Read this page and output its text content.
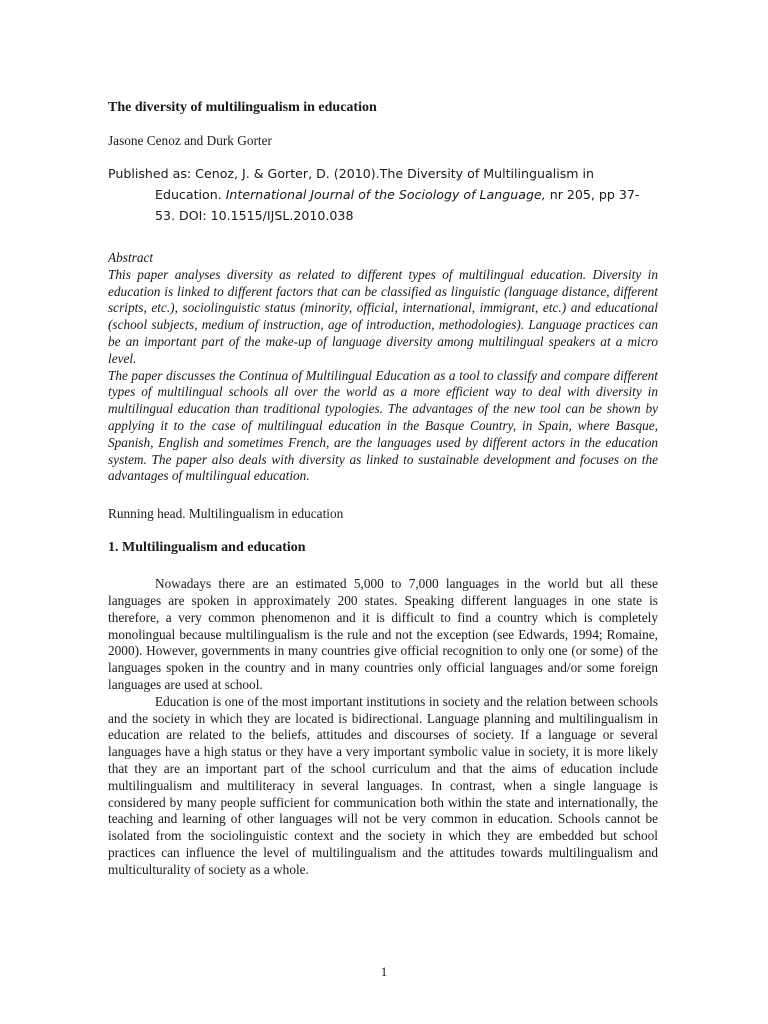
The diversity of multilingualism in education
Jasone Cenoz and Durk Gorter
Published as: Cenoz, J. & Gorter, D. (2010).The Diversity of Multilingualism in Education. International Journal of the Sociology of Language, nr 205, pp 37-53. DOI: 10.1515/IJSL.2010.038

Abstract

This paper analyses diversity as related to different types of multilingual education. Diversity in education is linked to different factors that can be classified as linguistic (language distance, different scripts, etc.), sociolinguistic status (minority, official, international, immigrant, etc.) and educational (school subjects, medium of instruction, age of introduction, methodologies). Language practices can be an important part of the make-up of language diversity among multilingual speakers at a micro level.

The paper discusses the Continua of Multilingual Education as a tool to classify and compare different types of multilingual schools all over the world as a more efficient way to deal with diversity in multilingual education than traditional typologies. The advantages of the new tool can be shown by applying it to the case of multilingual education in the Basque Country, in Spain, where Basque, Spanish, English and sometimes French, are the languages used by different actors in the education system. The paper also deals with diversity as linked to sustainable development and focuses on the advantages of multilingual education.

Running head. Multilingualism in education
1. Multilingualism and education

Nowadays there are an estimated 5,000 to 7,000 languages in the world but all these languages are spoken in approximately 200 states. Speaking different languages in one state is therefore, a very common phenomenon and it is difficult to find a country which is completely monolingual because multilingualism is the rule and not the exception (see Edwards, 1994; Romaine, 2000). However, governments in many countries give official recognition to only one (or some) of the languages spoken in the country and in many countries only official languages and/or some foreign languages are used at school.

Education is one of the most important institutions in society and the relation between schools and the society in which they are located is bidirectional. Language planning and multilingualism in education are related to the beliefs, attitudes and discourses of society. If a language or several languages have a high status or they have a very important symbolic value in society, it is more likely that they are an important part of the school curriculum and that the aims of education include multilingualism and multiliteracy in several languages. In contrast, when a single language is considered by many people sufficient for communication both within the state and internationally, the teaching and learning of other languages will not be very common in education. Schools cannot be isolated from the sociolinguistic context and the society in which they are embedded but school practices can influence the level of multilingualism and the attitudes towards multilingualism and multiculturality of society as a whole.

1
